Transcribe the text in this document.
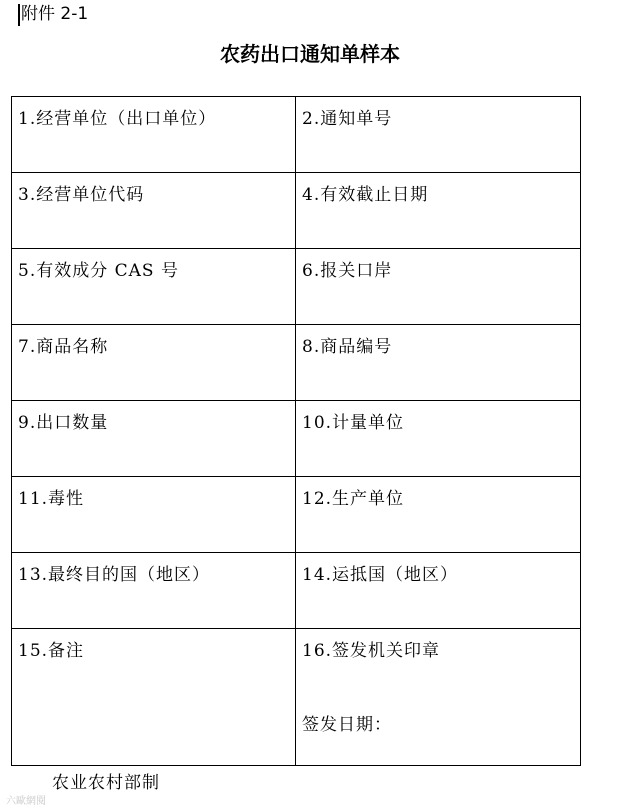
附件 2-1
农药出口通知单样本
1.经营单位（出口单位）	2.通知单号
3.经营单位代码	4.有效截止日期
5.有效成分 CAS 号	6.报关口岸
7.商品名称	8.商品编号
9.出口数量	10.计量单位
11.毒性	12.生产单位
13.最终目的国（地区）	14.运抵国（地区）
15.备注	16.签发机关印章
签发日期：
农业农村部制
六歐網閱
